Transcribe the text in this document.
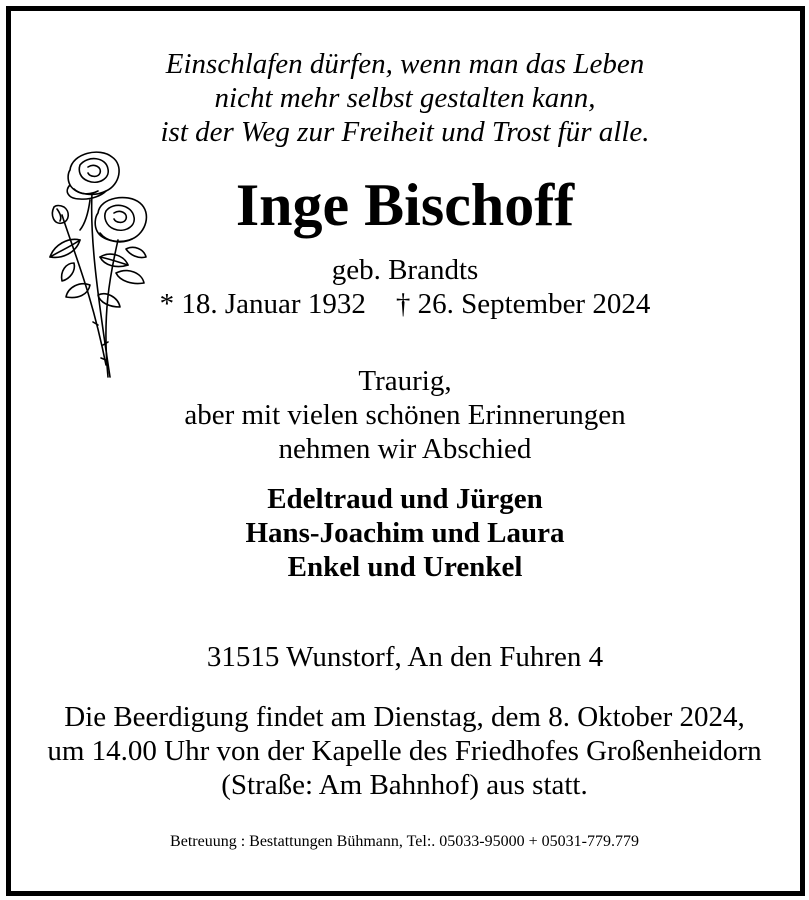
Einschlafen dürfen, wenn man das Leben
nicht mehr selbst gestalten kann,
ist der Weg zur Freiheit und Trost für alle.
Inge Bischoff
geb. Brandts
* 18. Januar 1932 † 26. September 2024
Traurig,
aber mit vielen schönen Erinnerungen
nehmen wir Abschied
Edeltraud und Jürgen
Hans-Joachim und Laura
Enkel und Urenkel
31515 Wunstorf, An den Fuhren 4
Die Beerdigung findet am Dienstag, dem 8. Oktober 2024,
um 14.00 Uhr von der Kapelle des Friedhofes Großenheidorn
(Straße: Am Bahnhof) aus statt.
Betreuung : Bestattungen Bühmann, Tel:. 05033-95000 + 05031-779.779
